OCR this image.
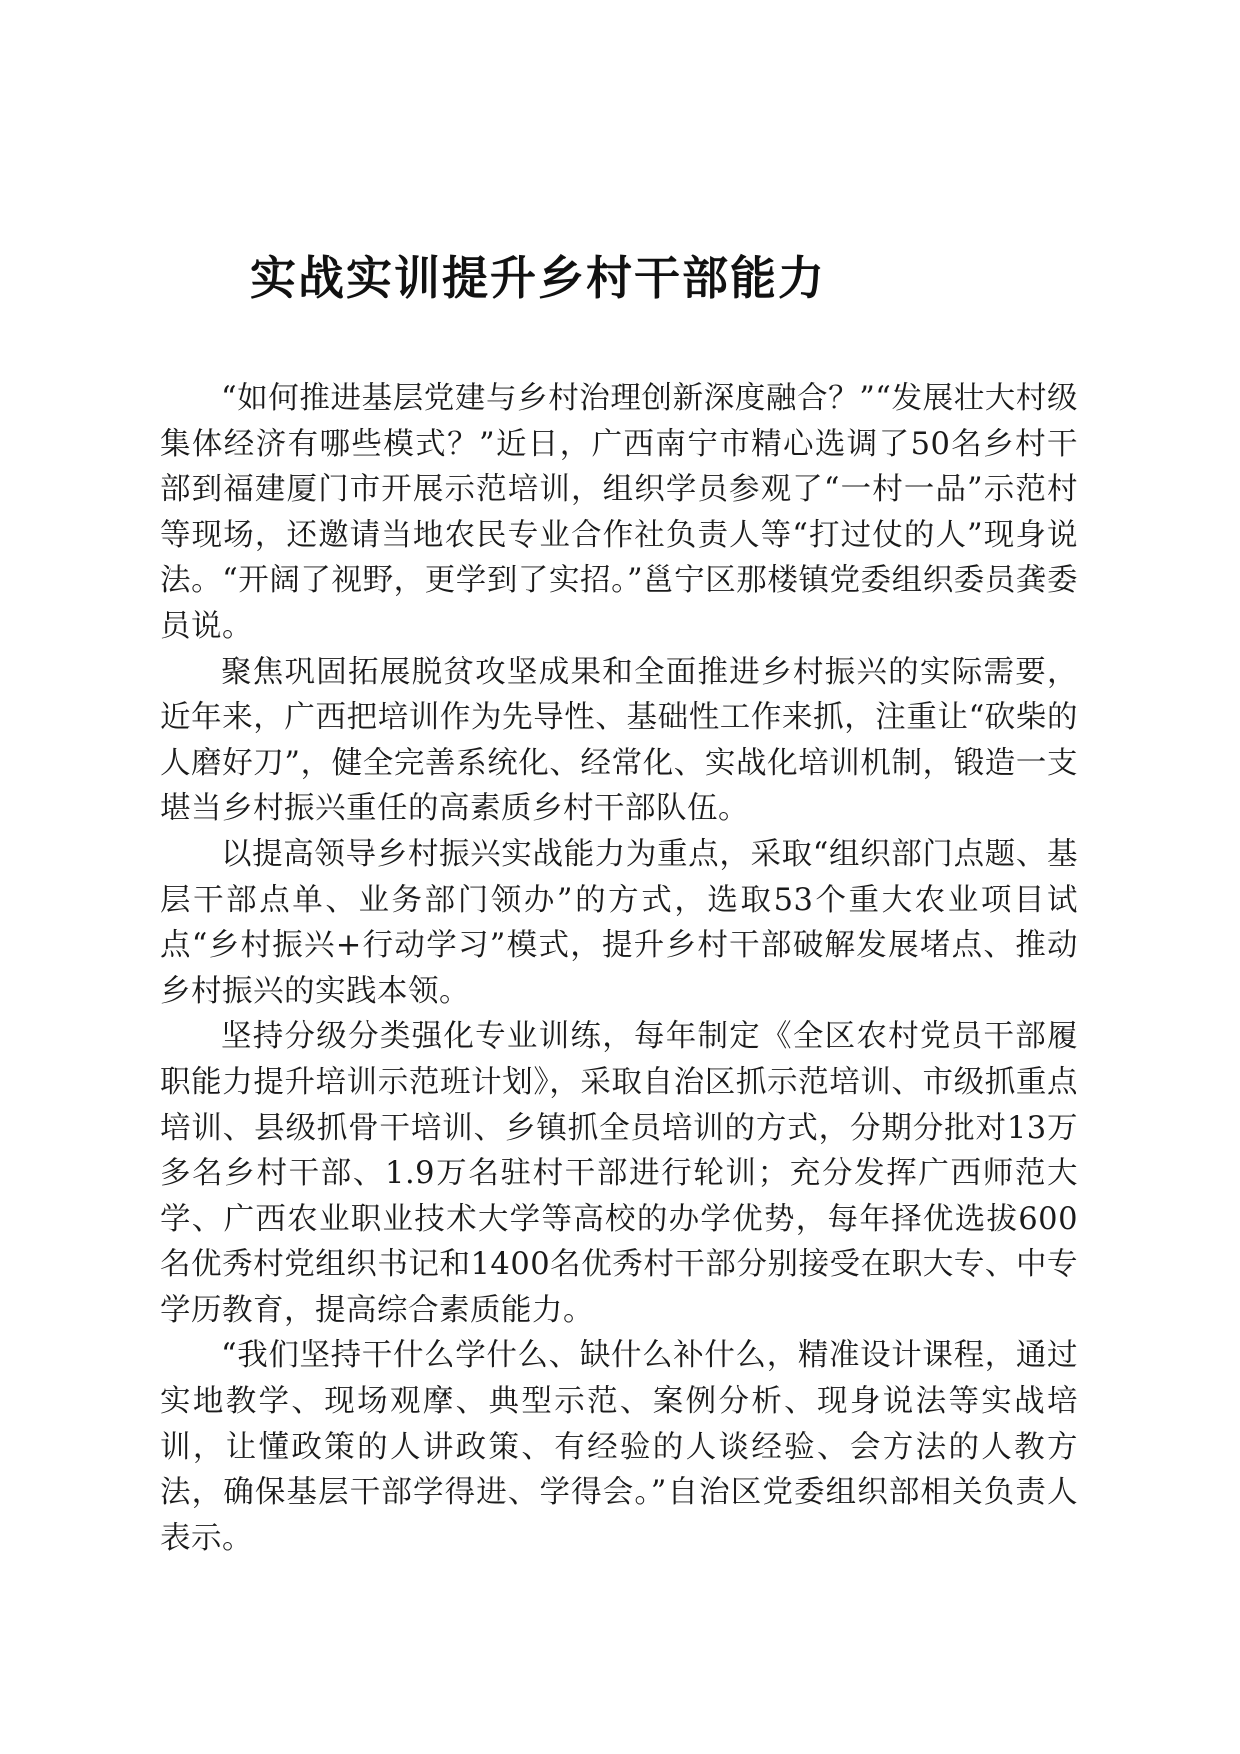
实战实训提升乡村干部能力

“如何推进基层党建与乡村治理创新深度融合？”“发展壮大村级集体经济有哪些模式？”近日，广西南宁市精心选调了50名乡村干部到福建厦门市开展示范培训，组织学员参观了“一村一品”示范村等现场，还邀请当地农民专业合作社负责人等“打过仗的人”现身说法。“开阔了视野，更学到了实招。”邕宁区那楼镇党委组织委员龚委员说。

聚焦巩固拓展脱贫攻坚成果和全面推进乡村振兴的实际需要，近年来，广西把培训作为先导性、基础性工作来抓，注重让“砍柴的人磨好刀”，健全完善系统化、经常化、实战化培训机制，锻造一支堪当乡村振兴重任的高素质乡村干部队伍。

以提高领导乡村振兴实战能力为重点，采取“组织部门点题、基层干部点单、业务部门领办”的方式，选取53个重大农业项目试点“乡村振兴+行动学习”模式，提升乡村干部破解发展堵点、推动乡村振兴的实践本领。

坚持分级分类强化专业训练，每年制定《全区农村党员干部履职能力提升培训示范班计划》，采取自治区抓示范培训、市级抓重点培训、县级抓骨干培训、乡镇抓全员培训的方式，分期分批对13万多名乡村干部、1.9万名驻村干部进行轮训；充分发挥广西师范大学、广西农业职业技术大学等高校的办学优势，每年择优选拔600名优秀村党组织书记和1400名优秀村干部分别接受在职大专、中专学历教育，提高综合素质能力。

“我们坚持干什么学什么、缺什么补什么，精准设计课程，通过实地教学、现场观摩、典型示范、案例分析、现身说法等实战培训，让懂政策的人讲政策、有经验的人谈经验、会方法的人教方法，确保基层干部学得进、学得会。”自治区党委组织部相关负责人表示。
